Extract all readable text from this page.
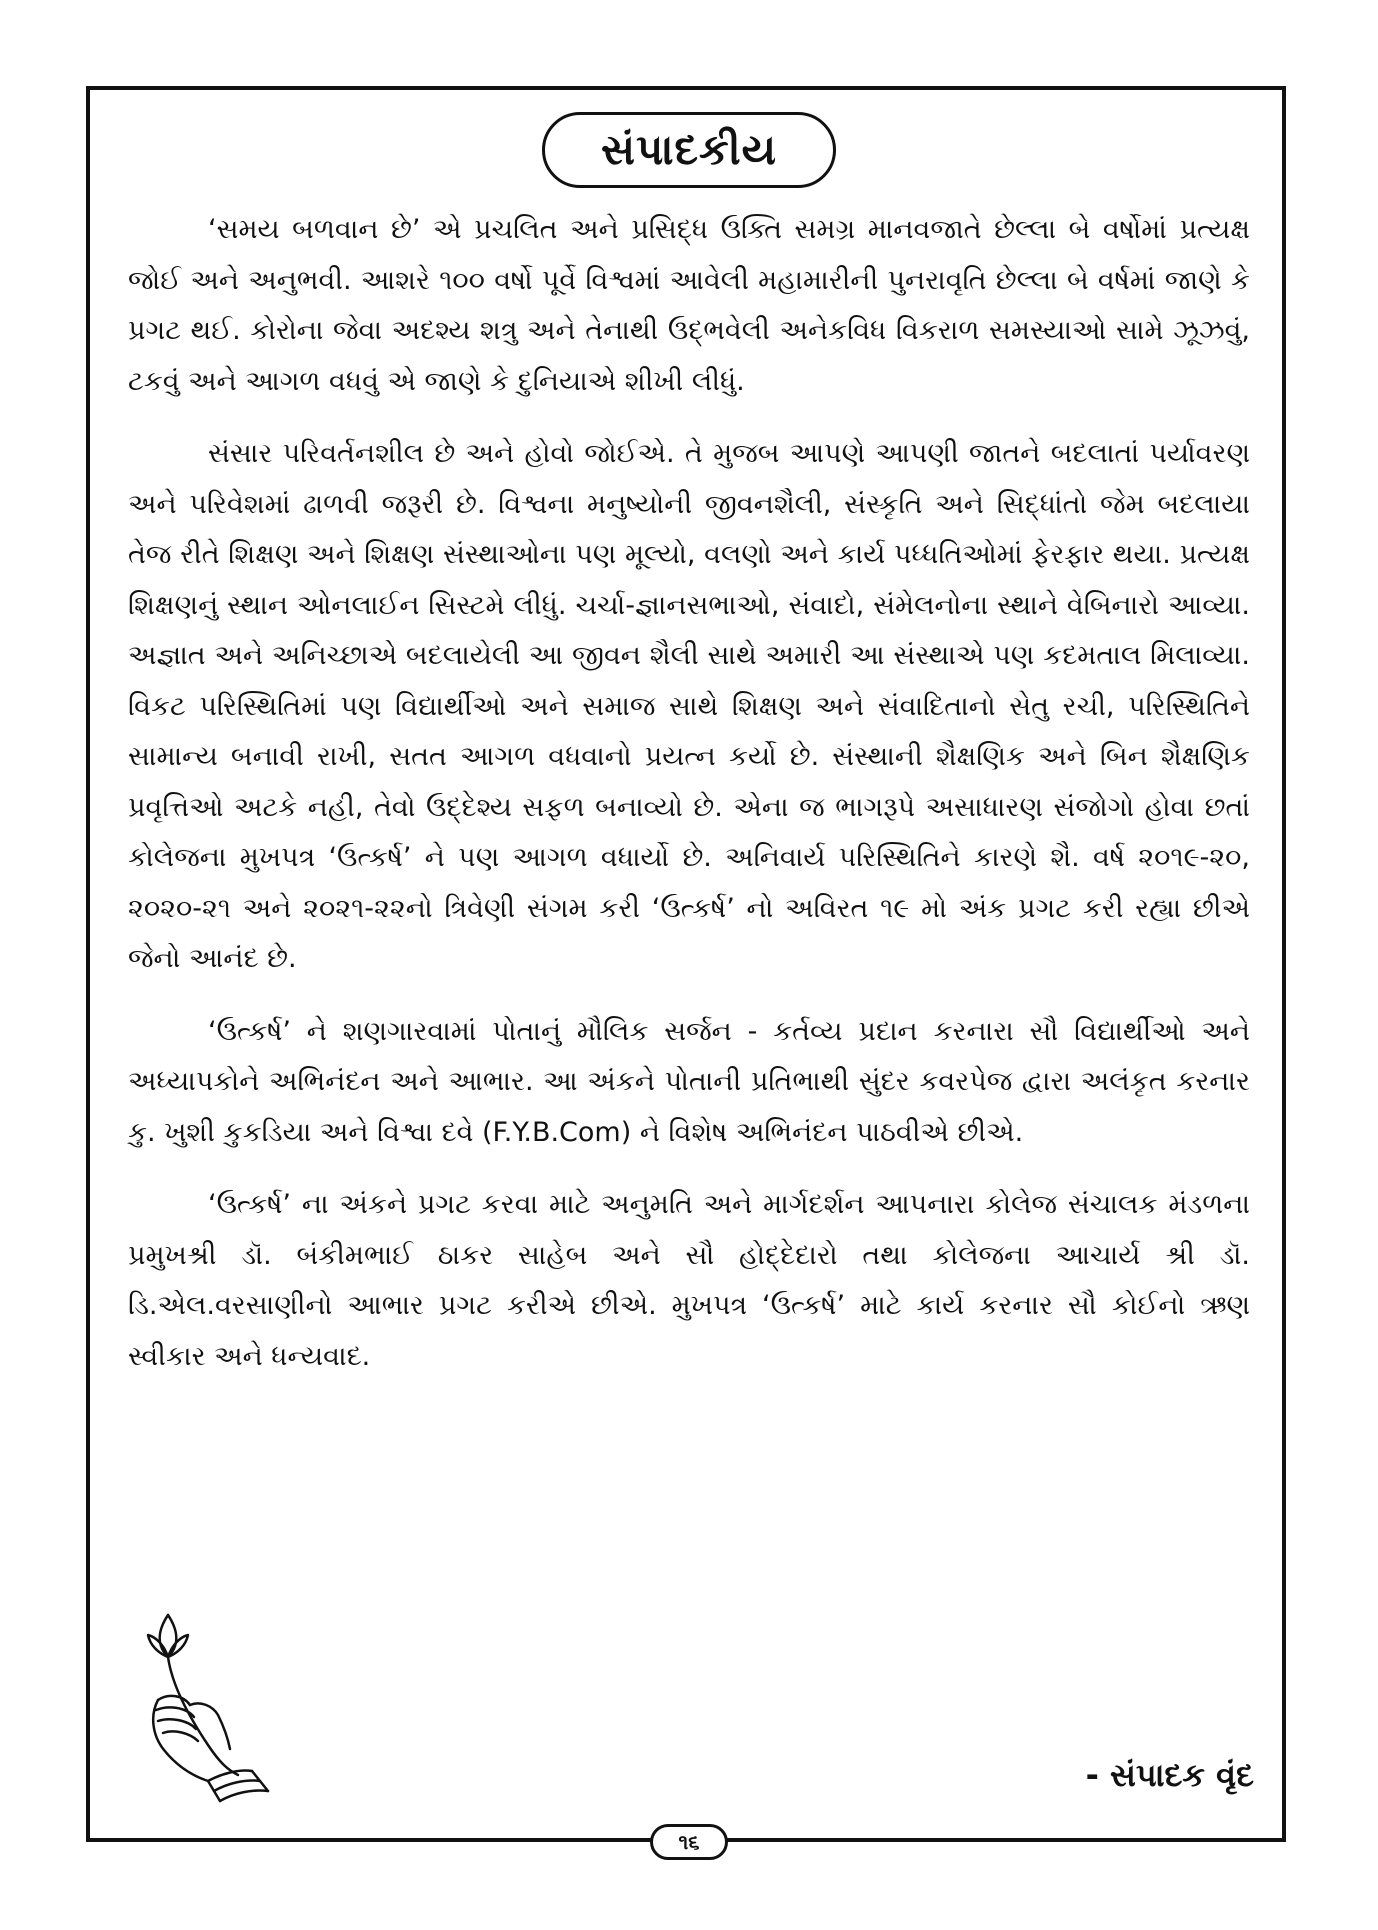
સંપાદકીય

‘સમય બળવાન છે’ એ પ્રચલિત અને પ્રસિદ્ધ ઉક્તિ સમગ્ર માનવજાતે છેલ્લા બે વર્ષોમાં પ્રત્યક્ષ જોઈ અને અનુભવી. આશરે ૧૦૦ વર્ષો પૂર્વે વિશ્વમાં આવેલી મહામારીની પુનરાવૃતિ છેલ્લા બે વર્ષમાં જાણે કે પ્રગટ થઈ. કોરોના જેવા અદશ્ય શત્રુ અને તેનાથી ઉદ્ભવેલી અનેકવિધ વિકરાળ સમસ્યાઓ સામે ઝૂઝવું, ટકવું અને આગળ વધવું એ જાણે કે દુનિયાએ શીખી લીધું.

સંસાર પરિવર્તનશીલ છે અને હોવો જોઈએ. તે મુજબ આપણે આપણી જાતને બદલાતાં પર્યાવરણ અને પરિવેશમાં ઢાળવી જરૂરી છે. વિશ્વના મનુષ્યોની જીવનશૈલી, સંસ્કૃતિ અને સિદ્ધાંતો જેમ બદલાયા તેજ રીતે શિક્ષણ અને શિક્ષણ સંસ્થાઓના પણ મૂલ્યો, વલણો અને કાર્ય પધ્ધતિઓમાં ફેરફાર થયા. પ્રત્યક્ષ શિક્ષણનું સ્થાન ઓનલાઈન સિસ્ટમે લીધું. ચર્ચા-જ્ઞાનસભાઓ, સંવાદો, સંમેલનોના સ્થાને વેબિનારો આવ્યા. અજ્ઞાત અને અનિચ્છાએ બદલાયેલી આ જીવન શૈલી સાથે અમારી આ સંસ્થાએ પણ કદમતાલ મિલાવ્યા. વિકટ પરિસ્થિતિમાં પણ વિદ્યાર્થીઓ અને સમાજ સાથે શિક્ષણ અને સંવાદિતાનો સેતુ રચી, પરિસ્થિતિને સામાન્ય બનાવી રાખી, સતત આગળ વધવાનો પ્રયત્ન કર્યો છે. સંસ્થાની શૈક્ષણિક અને બિન શૈક્ષણિક પ્રવૃત્તિઓ અટકે નહી, તેવો ઉદ્દેશ્ય સફળ બનાવ્યો છે. એના જ ભાગરૂપે અસાધારણ સંજોગો હોવા છતાં કોલેજના મુખપત્ર ‘ઉત્કર્ષ’ ને પણ આગળ વધાર્યો છે. અનિવાર્ય પરિસ્થિતિને કારણે શૈ. વર્ષ ૨૦૧૯-૨૦, ૨૦૨૦-૨૧ અને ૨૦૨૧-૨૨નો ત્રિવેણી સંગમ કરી ‘ઉત્કર્ષ’ નો અવિરત ૧૯ મો અંક પ્રગટ કરી રહ્યા છીએ જેનો આનંદ છે.

‘ઉત્કર્ષ’ ને શણગારવામાં પોતાનું મૌલિક સર્જન - કર્તવ્ય પ્રદાન કરનારા સૌ વિદ્યાર્થીઓ અને અધ્યાપકોને અભિનંદન અને આભાર. આ અંકને પોતાની પ્રતિભાથી સુંદર કવરપેજ દ્વારા અલંકૃત કરનાર કુ. ખુશી કુકડિયા અને વિશ્વા દવે (F.Y.B.Com) ને વિશેષ અભિનંદન પાઠવીએ છીએ.

‘ઉત્કર્ષ’ ના અંકને પ્રગટ કરવા માટે અનુમતિ અને માર્ગદર્શન આપનારા કોલેજ સંચાલક મંડળના પ્રમુખશ્રી ડૉ. બંકીમભાઈ ઠાકર સાહેબ અને સૌ હોદ્દેદારો તથા કોલેજના આચાર્ય શ્રી ડૉ. ડિ.એલ.વરસાણીનો આભાર પ્રગટ કરીએ છીએ. મુખપત્ર ‘ઉત્કર્ષ’ માટે કાર્ય કરનાર સૌ કોઈનો ઋણ સ્વીકાર અને ધન્યવાદ.

- સંપાદક વૃંદ
૧૬
